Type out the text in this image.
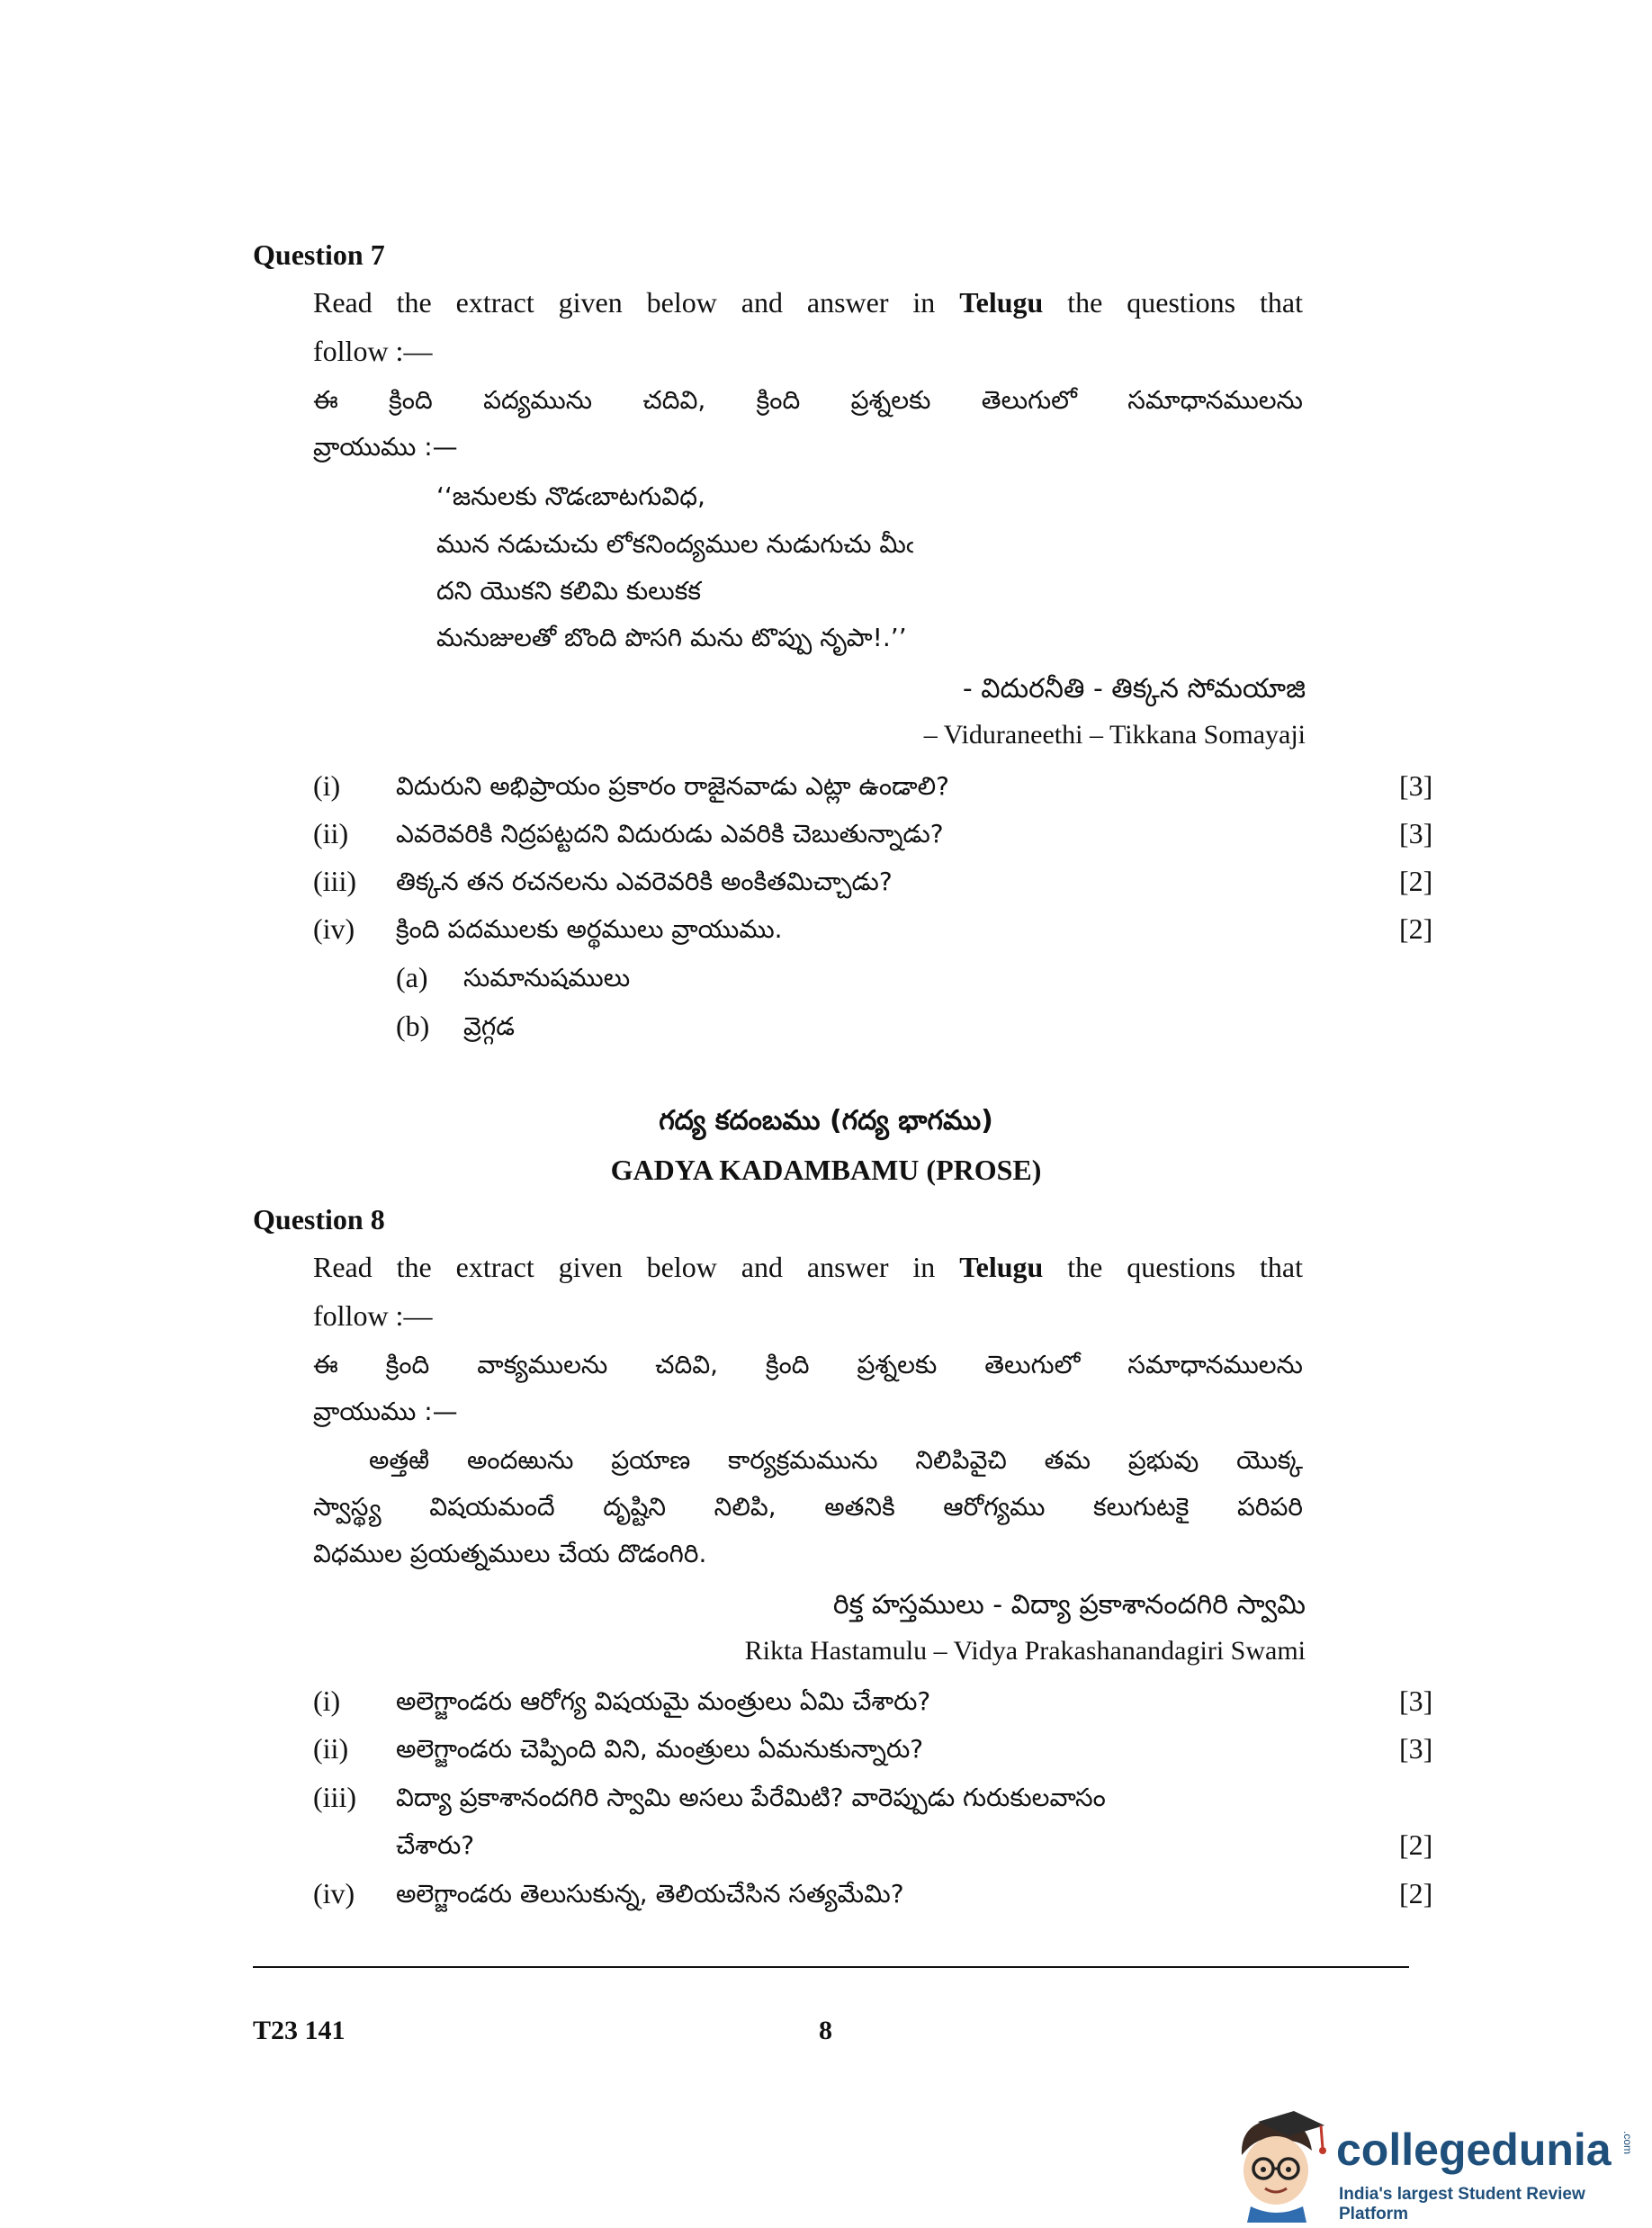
Question 7
Read the extract given below and answer in Telugu the questions that
follow :—
ఈ క్రింది పద్యమును చదివి, క్రింది ప్రశ్నలకు తెలుగులో సమాధానములను
వ్రాయుము :—
‘‘జనులకు నొడఁబాటగువిధ,
మున నడుచుచు లోకనింద్యముల నుడుగుచు మీఁ
దని యొకని కలిమి కులుకక
మనుజులతో బొంది పొసగి మను టొప్పు నృపా!.’’
- విదురనీతి - తిక్కన సోమయాజి
– Viduraneethi – Tikkana Somayaji
(i) విదురుని అభిప్రాయం ప్రకారం రాజైనవాడు ఎట్లా ఉండాలి?	[3]
(ii) ఎవరెవరికి నిద్రపట్టదని విదురుడు ఎవరికి చెబుతున్నాడు?	[3]
(iii) తిక్కన తన రచనలను ఎవరెవరికి అంకితమిచ్చాడు?	[2]
(iv) క్రింది పదములకు అర్థములు వ్రాయుము.	[2]
(a) సుమానుషములు
(b) వ్రెగ్గడ
గద్య కదంబము (గద్య భాగము)
GADYA KADAMBAMU (PROSE)
Question 8
Read the extract given below and answer in Telugu the questions that
follow :—
ఈ క్రింది వాక్యములను చదివి, క్రింది ప్రశ్నలకు తెలుగులో సమాధానములను
వ్రాయుము :—
అత్తఱి అందఱును ప్రయాణ కార్యక్రమమును నిలిపివైచి తమ ప్రభువు యొక్క
స్వాస్థ్య విషయమందే దృష్టిని నిలిపి, అతనికి ఆరోగ్యము కలుగుటకై పరిపరి
విధముల ప్రయత్నములు చేయ దొడంగిరి.
రిక్త హస్తములు - విద్యా ప్రకాశానందగిరి స్వామి
Rikta Hastamulu – Vidya Prakashanandagiri Swami
(i) అలెగ్జాండరు ఆరోగ్య విషయమై మంత్రులు ఏమి చేశారు?	[3]
(ii) అలెగ్జాండరు చెప్పింది విని, మంత్రులు ఏమనుకున్నారు?	[3]
(iii) విద్యా ప్రకాశానందగిరి స్వామి అసలు పేరేమిటి? వారెప్పుడు గురుకులవాసం
చేశారు?	[2]
(iv) అలెగ్జాండరు తెలుసుకున్న, తెలియచేసిన సత్యమేమి?	[2]
T23 141	8
collegedunia .com
India's largest Student Review Platform
